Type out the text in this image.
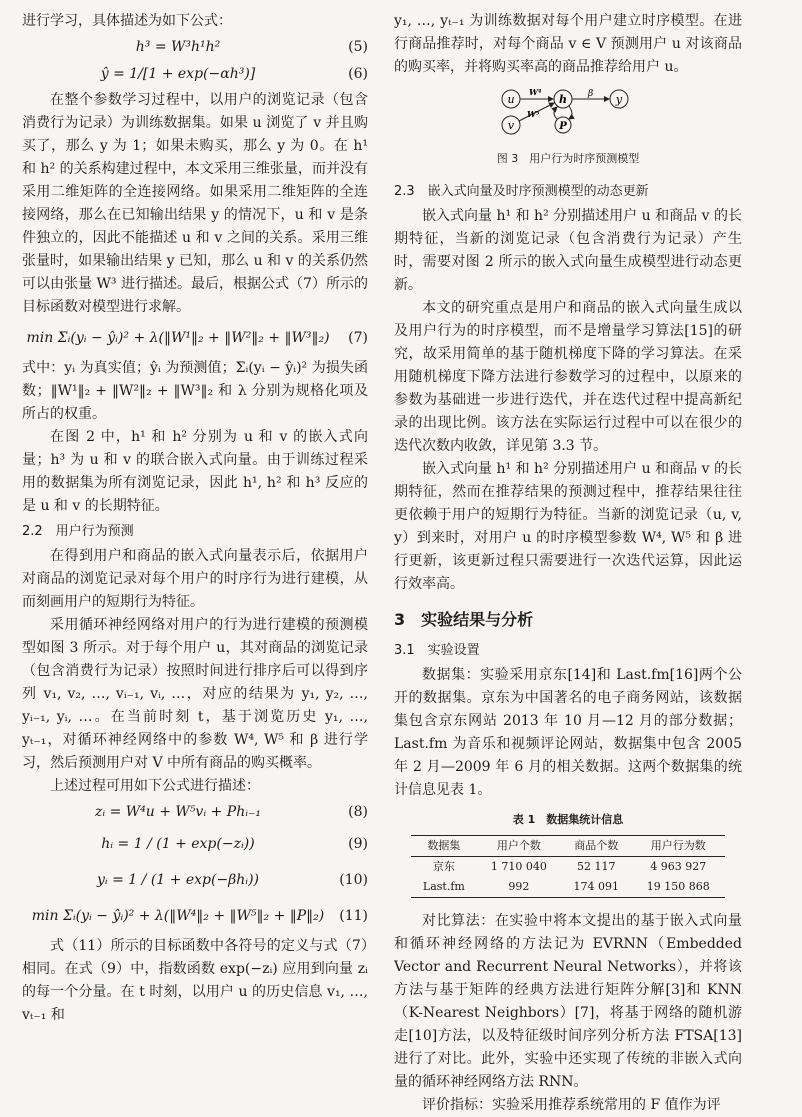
进行学习，具体描述为如下公式：

h³ = W³h¹h²	(5)
ŷ = 1/[1 + exp(−αh³)]	(6)

在整个参数学习过程中，以用户的浏览记录（包含消费行为记录）为训练数据集。如果 u 浏览了 v 并且购买了，那么 y 为 1；如果未购买，那么 y 为 0。在 h¹ 和 h² 的关系构建过程中，本文采用三维张量，而并没有采用二维矩阵的全连接网络。如果采用二维矩阵的全连接网络，那么在已知输出结果 y 的情况下，u 和 v 是条件独立的，因此不能描述 u 和 v 之间的关系。采用三维张量时，如果输出结果 y 已知，那么 u 和 v 的关系仍然可以由张量 W³ 进行描述。最后，根据公式（7）所示的目标函数对模型进行求解。

min Σᵢ(yᵢ − ŷᵢ)² + λ(‖W¹‖₂ + ‖W²‖₂ + ‖W³‖₂)	(7)

式中：yᵢ 为真实值；ŷᵢ 为预测值；Σᵢ(yᵢ − ŷᵢ)² 为损失函数；‖W¹‖₂ + ‖W²‖₂ + ‖W³‖₂ 和 λ 分别为规格化项及所占的权重。

在图 2 中，h¹ 和 h² 分别为 u 和 v 的嵌入式向量；h³ 为 u 和 v 的联合嵌入式向量。由于训练过程采用的数据集为所有浏览记录，因此 h¹, h² 和 h³ 反应的是 u 和 v 的长期特征。

2.2　用户行为预测

在得到用户和商品的嵌入式向量表示后，依据用户对商品的浏览记录对每个用户的时序行为进行建模，从而刻画用户的短期行为特征。

采用循环神经网络对用户的行为进行建模的预测模型如图 3 所示。对于每个用户 u，其对商品的浏览记录（包含消费行为记录）按照时间进行排序后可以得到序列 v₁, v₂, …, vᵢ₋₁, vᵢ, …，对应的结果为 y₁, y₂, …, yᵢ₋₁, yᵢ, …。在当前时刻 t，基于浏览历史 y₁, …, yₜ₋₁，对循环神经网络中的参数 W⁴, W⁵ 和 β 进行学习，然后预测用户对 V 中所有商品的购买概率。

上述过程可用如下公式进行描述：

zᵢ = W⁴u + W⁵vᵢ + Phᵢ₋₁	(8)
hᵢ = 1 / (1 + exp(−zᵢ))	(9)
yᵢ = 1 / (1 + exp(−βhᵢ))	(10)
min Σᵢ(yᵢ − ŷᵢ)² + λ(‖W⁴‖₂ + ‖W⁵‖₂ + ‖P‖₂)	(11)

式（11）所示的目标函数中各符号的定义与式（7）相同。在式（9）中，指数函数 exp(−zᵢ) 应用到向量 zᵢ 的每一个分量。在 t 时刻，以用户 u 的历史信息 v₁, …, vₜ₋₁ 和

y₁, …, yₜ₋₁ 为训练数据对每个用户建立时序模型。在进行商品推荐时，对每个商品 v ∈ V 预测用户 u 对该商品的购买率，并将购买率高的商品推荐给用户 u。

u
v
h
P
y
W⁴
W⁵
β
图 3　用户行为时序预测模型
2.3　嵌入式向量及时序预测模型的动态更新

嵌入式向量 h¹ 和 h² 分别描述用户 u 和商品 v 的长期特征，当新的浏览记录（包含消费行为记录）产生时，需要对图 2 所示的嵌入式向量生成模型进行动态更新。

本文的研究重点是用户和商品的嵌入式向量生成以及用户行为的时序模型，而不是增量学习算法[15]的研究，故采用简单的基于随机梯度下降的学习算法。在采用随机梯度下降方法进行参数学习的过程中，以原来的参数为基础进一步进行迭代，并在迭代过程中提高新纪录的出现比例。该方法在实际运行过程中可以在很少的迭代次数内收敛，详见第 3.3 节。

嵌入式向量 h¹ 和 h² 分别描述用户 u 和商品 v 的长期特征，然而在推荐结果的预测过程中，推荐结果往往更依赖于用户的短期行为特征。当新的浏览记录（u, v, y）到来时，对用户 u 的时序模型参数 W⁴, W⁵ 和 β 进行更新，该更新过程只需要进行一次迭代运算，因此运行效率高。

3　实验结果与分析
3.1　实验设置

数据集：实验采用京东[14]和 Last.fm[16]两个公开的数据集。京东为中国著名的电子商务网站，该数据集包含京东网站 2013 年 10 月—12 月的部分数据；Last.fm 为音乐和视频评论网站，数据集中包含 2005 年 2 月—2009 年 6 月的相关数据。这两个数据集的统计信息见表 1。

表 1　数据集统计信息
数据集	用户个数	商品个数	用户行为数
京东	1 710 040	52 117	4 963 927
Last.fm	992	174 091	19 150 868

对比算法：在实验中将本文提出的基于嵌入式向量和循环神经网络的方法记为 EVRNN（Embedded Vector and Recurrent Neural Networks），并将该方法与基于矩阵的经典方法进行矩阵分解[3]和 KNN（K-Nearest Neighbors）[7]，将基于网络的随机游走[10]方法，以及特征级时间序列分析方法 FTSA[13]进行了对比。此外，实验中还实现了传统的非嵌入式向量的循环神经网络方法 RNN。

评价指标：实验采用推荐系统常用的 F 值作为评
